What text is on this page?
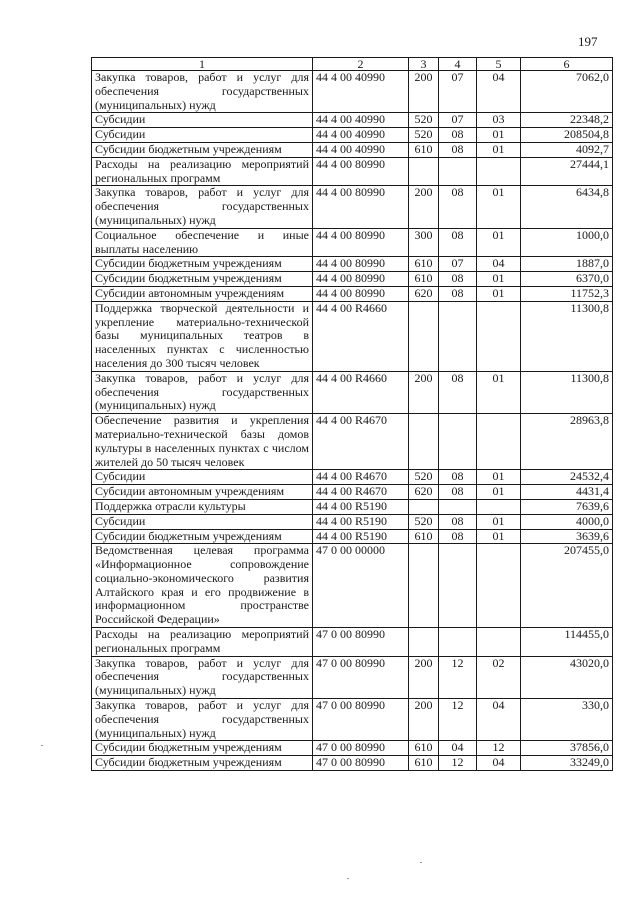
197
1	2	3	4	5	6
Закупка товаров, работ и услуг для обеспечения государственных (муниципальных) нужд	44 4 00 40990	200	07	04	7062,0
Субсидии	44 4 00 40990	520	07	03	22348,2
Субсидии	44 4 00 40990	520	08	01	208504,8
Субсидии бюджетным учреждениям	44 4 00 40990	610	08	01	4092,7
Расходы на реализацию мероприятий региональных программ	44 4 00 80990				27444,1
Закупка товаров, работ и услуг для обеспечения государственных (муниципальных) нужд	44 4 00 80990	200	08	01	6434,8
Социальное обеспечение и иные выплаты населению	44 4 00 80990	300	08	01	1000,0
Субсидии бюджетным учреждениям	44 4 00 80990	610	07	04	1887,0
Субсидии бюджетным учреждениям	44 4 00 80990	610	08	01	6370,0
Субсидии автономным учреждениям	44 4 00 80990	620	08	01	11752,3
Поддержка творческой деятельности и укрепление материально-технической базы муниципальных театров в населенных пунктах с численностью населения до 300 тысяч человек	44 4 00 R4660				11300,8
Закупка товаров, работ и услуг для обеспечения государственных (муниципальных) нужд	44 4 00 R4660	200	08	01	11300,8
Обеспечение развития и укрепления материально-технической базы домов культуры в населенных пунктах с числом жителей до 50 тысяч человек	44 4 00 R4670				28963,8
Субсидии	44 4 00 R4670	520	08	01	24532,4
Субсидии автономным учреждениям	44 4 00 R4670	620	08	01	4431,4
Поддержка отрасли культуры	44 4 00 R5190				7639,6
Субсидии	44 4 00 R5190	520	08	01	4000,0
Субсидии бюджетным учреждениям	44 4 00 R5190	610	08	01	3639,6
Ведомственная целевая программа «Информационное сопровождение социально-экономического развития Алтайского края и его продвижение в информационном пространстве Российской Федерации»	47 0 00 00000				207455,0
Расходы на реализацию мероприятий региональных программ	47 0 00 80990				114455,0
Закупка товаров, работ и услуг для обеспечения государственных (муниципальных) нужд	47 0 00 80990	200	12	02	43020,0
Закупка товаров, работ и услуг для обеспечения государственных (муниципальных) нужд	47 0 00 80990	200	12	04	330,0
Субсидии бюджетным учреждениям	47 0 00 80990	610	04	12	37856,0
Субсидии бюджетным учреждениям	47 0 00 80990	610	12	04	33249,0
